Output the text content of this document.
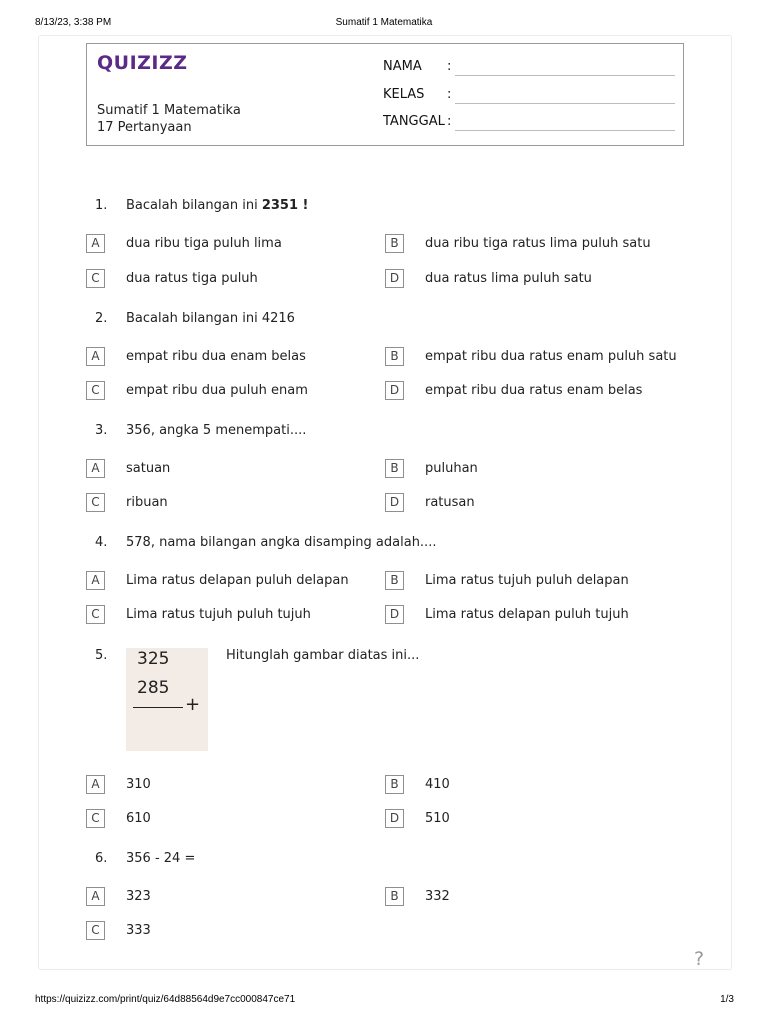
8/13/23, 3:38 PM	Sumatif 1 Matematika
QUIZIZZ
Sumatif 1 Matematika
17 Pertanyaan
NAMA :
KELAS :
TANGGAL :
1. Bacalah bilangan ini 2351 !
A	dua ribu tiga puluh lima	B	dua ribu tiga ratus lima puluh satu
C	dua ratus tiga puluh	D	dua ratus lima puluh satu
2. Bacalah bilangan ini 4216
A	empat ribu dua enam belas	B	empat ribu dua ratus enam puluh satu
C	empat ribu dua puluh enam	D	empat ribu dua ratus enam belas
3. 356, angka 5 menempati....
A	satuan	B	puluhan
C	ribuan	D	ratusan
4. 578, nama bilangan angka disamping adalah....
A	Lima ratus delapan puluh delapan	B	Lima ratus tujuh puluh delapan
C	Lima ratus tujuh puluh tujuh	D	Lima ratus delapan puluh tujuh
5. 325
285
+
Hitunglah gambar diatas ini...
A	310	B	410
C	610	D	510
6. 356 - 24 =
A	323	B	332
C	333
?
https://quizizz.com/print/quiz/64d88564d9e7cc000847ce71	1/3
